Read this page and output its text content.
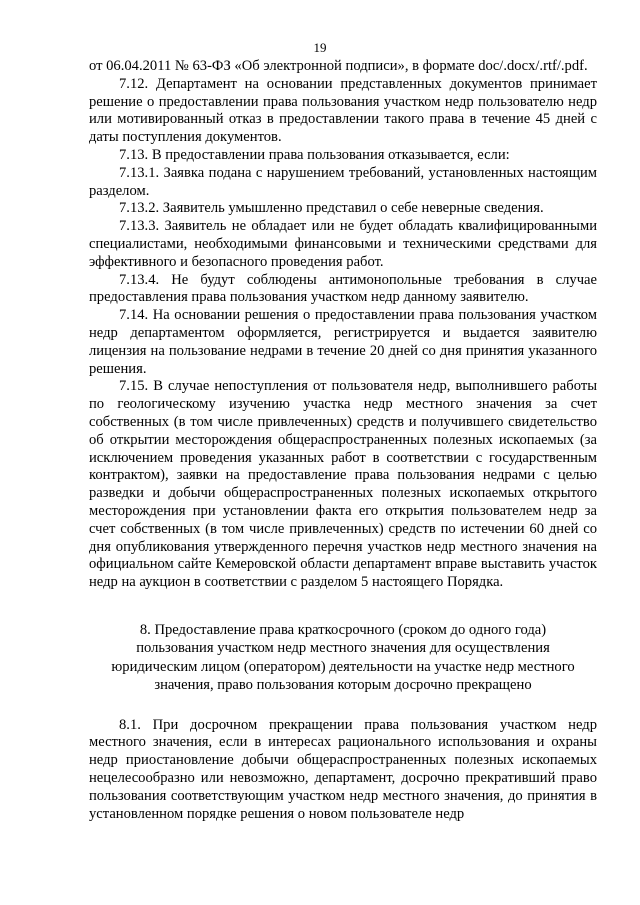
19

от 06.04.2011 № 63-ФЗ «Об электронной подписи», в формате doc/.docx/.rtf/.pdf.

7.12. Департамент на основании представленных документов принимает решение о предоставлении права пользования участком недр пользователю недр или мотивированный отказ в предоставлении такого права в течение 45 дней с даты поступления документов.

7.13. В предоставлении права пользования отказывается, если:

7.13.1. Заявка подана с нарушением требований, установленных настоящим разделом.

7.13.2. Заявитель умышленно представил о себе неверные сведения.

7.13.3. Заявитель не обладает или не будет обладать квалифицированными специалистами, необходимыми финансовыми и техническими средствами для эффективного и безопасного проведения работ.

7.13.4. Не будут соблюдены антимонопольные требования в случае предоставления права пользования участком недр данному заявителю.

7.14. На основании решения о предоставлении права пользования участком недр департаментом оформляется, регистрируется и выдается заявителю лицензия на пользование недрами в течение 20 дней со дня принятия указанного решения.

7.15. В случае непоступления от пользователя недр, выполнившего работы по геологическому изучению участка недр местного значения за счет собственных (в том числе привлеченных) средств и получившего свидетельство об открытии месторождения общераспространенных полезных ископаемых (за исключением проведения указанных работ в соответствии с государственным контрактом), заявки на предоставление права пользования недрами с целью разведки и добычи общераспространенных полезных ископаемых открытого месторождения при установлении факта его открытия пользователем недр за счет собственных (в том числе привлеченных) средств по истечении 60 дней со дня опубликования утвержденного перечня участков недр местного значения на официальном сайте Кемеровской области департамент вправе выставить участок недр на аукцион в соответствии с разделом 5 настоящего Порядка.

8. Предоставление права краткосрочного (сроком до одного года)
пользования участком недр местного значения для осуществления
юридическим лицом (оператором) деятельности на участке недр местного
значения, право пользования которым досрочно прекращено

8.1. При досрочном прекращении права пользования участком недр местного значения, если в интересах рационального использования и охраны недр приостановление добычи общераспространенных полезных ископаемых нецелесообразно или невозможно, департамент, досрочно прекративший право пользования соответствующим участком недр местного значения, до принятия в установленном порядке решения о новом пользователе недр
